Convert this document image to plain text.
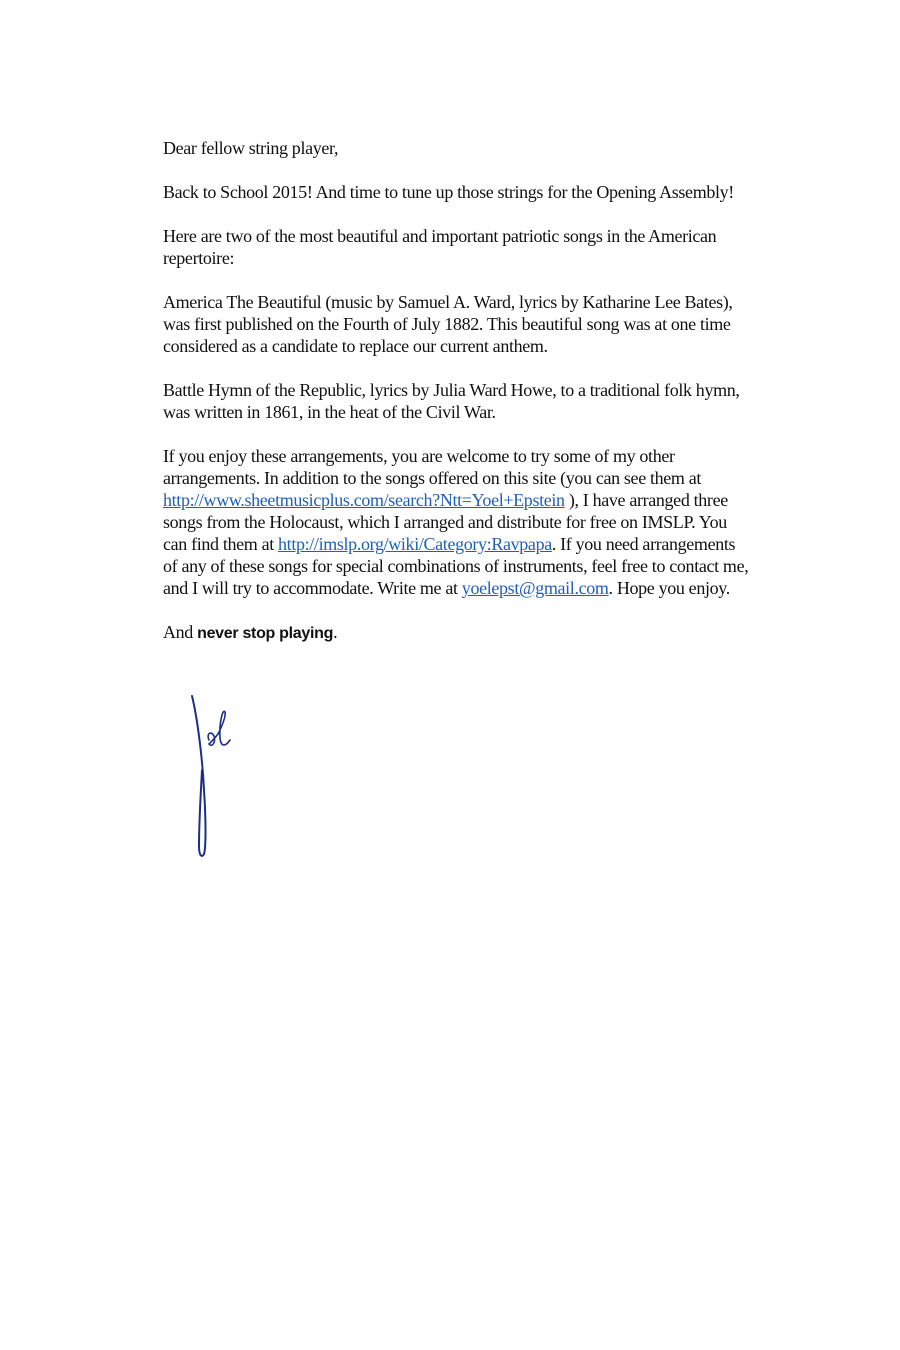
Dear fellow string player,

Back to School 2015! And time to tune up those strings for the Opening Assembly!

Here are two of the most beautiful and important patriotic songs in the American repertoire:

America The Beautiful (music by Samuel A. Ward, lyrics by Katharine Lee Bates), was first published on the Fourth of July 1882. This beautiful song was at one time considered as a candidate to replace our current anthem.

Battle Hymn of the Republic, lyrics by Julia Ward Howe, to a traditional folk hymn, was written in 1861, in the heat of the Civil War.

If you enjoy these arrangements, you are welcome to try some of my other arrangements. In addition to the songs offered on this site (you can see them at http://www.sheetmusicplus.com/search?Ntt=Yoel+Epstein ), I have arranged three songs from the Holocaust, which I arranged and distribute for free on IMSLP. You can find them at http://imslp.org/wiki/Category:Ravpapa. If you need arrangements of any of these songs for special combinations of instruments, feel free to contact me, and I will try to accommodate. Write me at yoelepst@gmail.com. Hope you enjoy.

And never stop playing.
